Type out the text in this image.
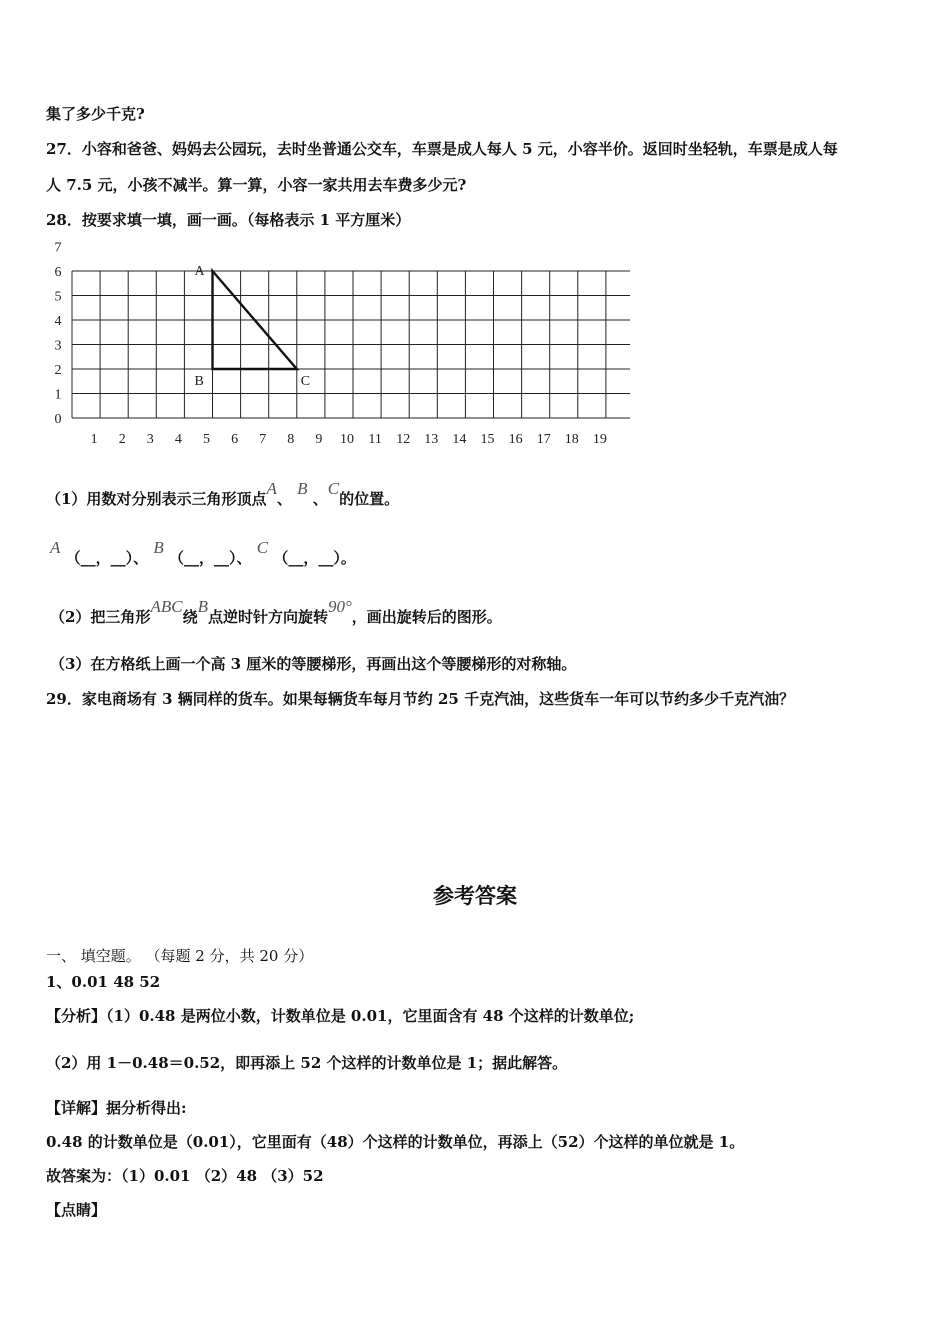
集了多少千克?
27．小容和爸爸、妈妈去公园玩，去时坐普通公交车，车票是成人每人 5 元，小容半价。返回时坐轻轨，车票是成人每
人 7.5 元，小孩不减半。算一算，小容一家共用去车费多少元?
28．按要求填一填，画一画。（每格表示 1 平方厘米）
0
1
2
3
4
5
6
7
1 2 3 4 5 6 7 8 9 10 11 12 13 14 15 16 17 18 19
A
B	C
（1）用数对分别表示三角形顶点A、 B 、C的位置。
A （__，__）、 B （__，__）、 C （__，__）。
（2）把三角形ABC绕B点逆时针方向旋转90°，画出旋转后的图形。
（3）在方格纸上画一个高 3 厘米的等腰梯形，再画出这个等腰梯形的对称轴。
29．家电商场有 3 辆同样的货车。如果每辆货车每月节约 25 千克汽油，这些货车一年可以节约多少千克汽油？
参考答案
一、 填空题。 （每题 2 分，共 20 分）
1、0.01 48 52
【分析】（1）0.48 是两位小数，计数单位是 0.01，它里面含有 48 个这样的计数单位;
（2）用 1－0.48＝0.52，即再添上 52 个这样的计数单位是 1；据此解答。
【详解】据分析得出:
0.48 的计数单位是（0.01），它里面有（48）个这样的计数单位，再添上（52）个这样的单位就是 1。
故答案为：（1）0.01 （2）48 （3）52
【点睛】
